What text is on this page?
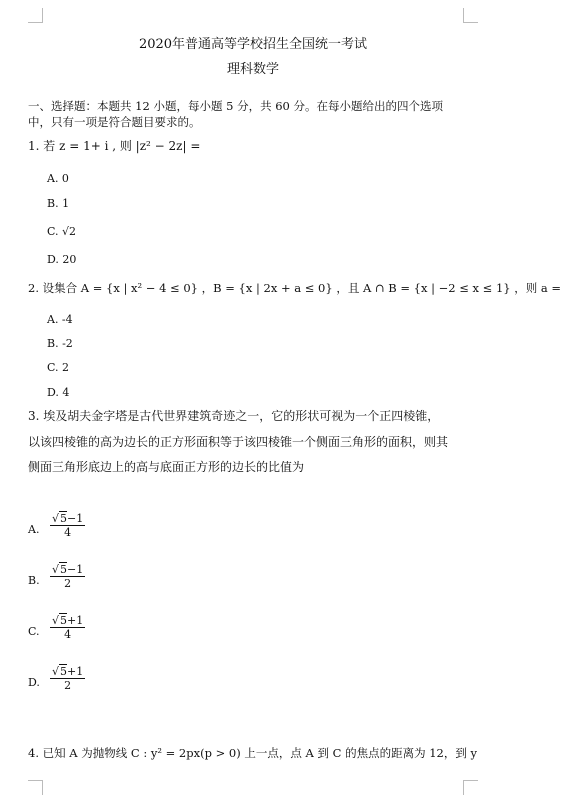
2020年普通高等学校招生全国统一考试
理科数学
一、选择题：本题共 12 小题，每小题 5 分，共 60 分。在每小题给出的四个选项
中，只有一项是符合题目要求的。
1. 若 z = 1+ i , 则 |z² − 2z| =
A. 0
B. 1
C. √2
D. 20
2. 设集合 A = {x | x² − 4 ≤ 0} ，B = {x | 2x + a ≤ 0} ，且 A ∩ B = {x | −2 ≤ x ≤ 1} ，则 a =
A. -4
B. -2
C. 2
D. 4
3. 埃及胡夫金字塔是古代世界建筑奇迹之一，它的形状可视为一个正四棱锥，
以该四棱锥的高为边长的正方形面积等于该四棱锥一个侧面三角形的面积，则其
侧面三角形底边上的高与底面正方形的边长的比值为
A. $\frac{√5-1}{4}$
B. $\frac{√5-1}{2}$
C. $\frac{√5+1}{4}$
D. $\frac{√5+1}{2}$
4. 已知 A 为抛物线 C : y² = 2px(p > 0) 上一点，点 A 到 C 的焦点的距离为 12，到 y
